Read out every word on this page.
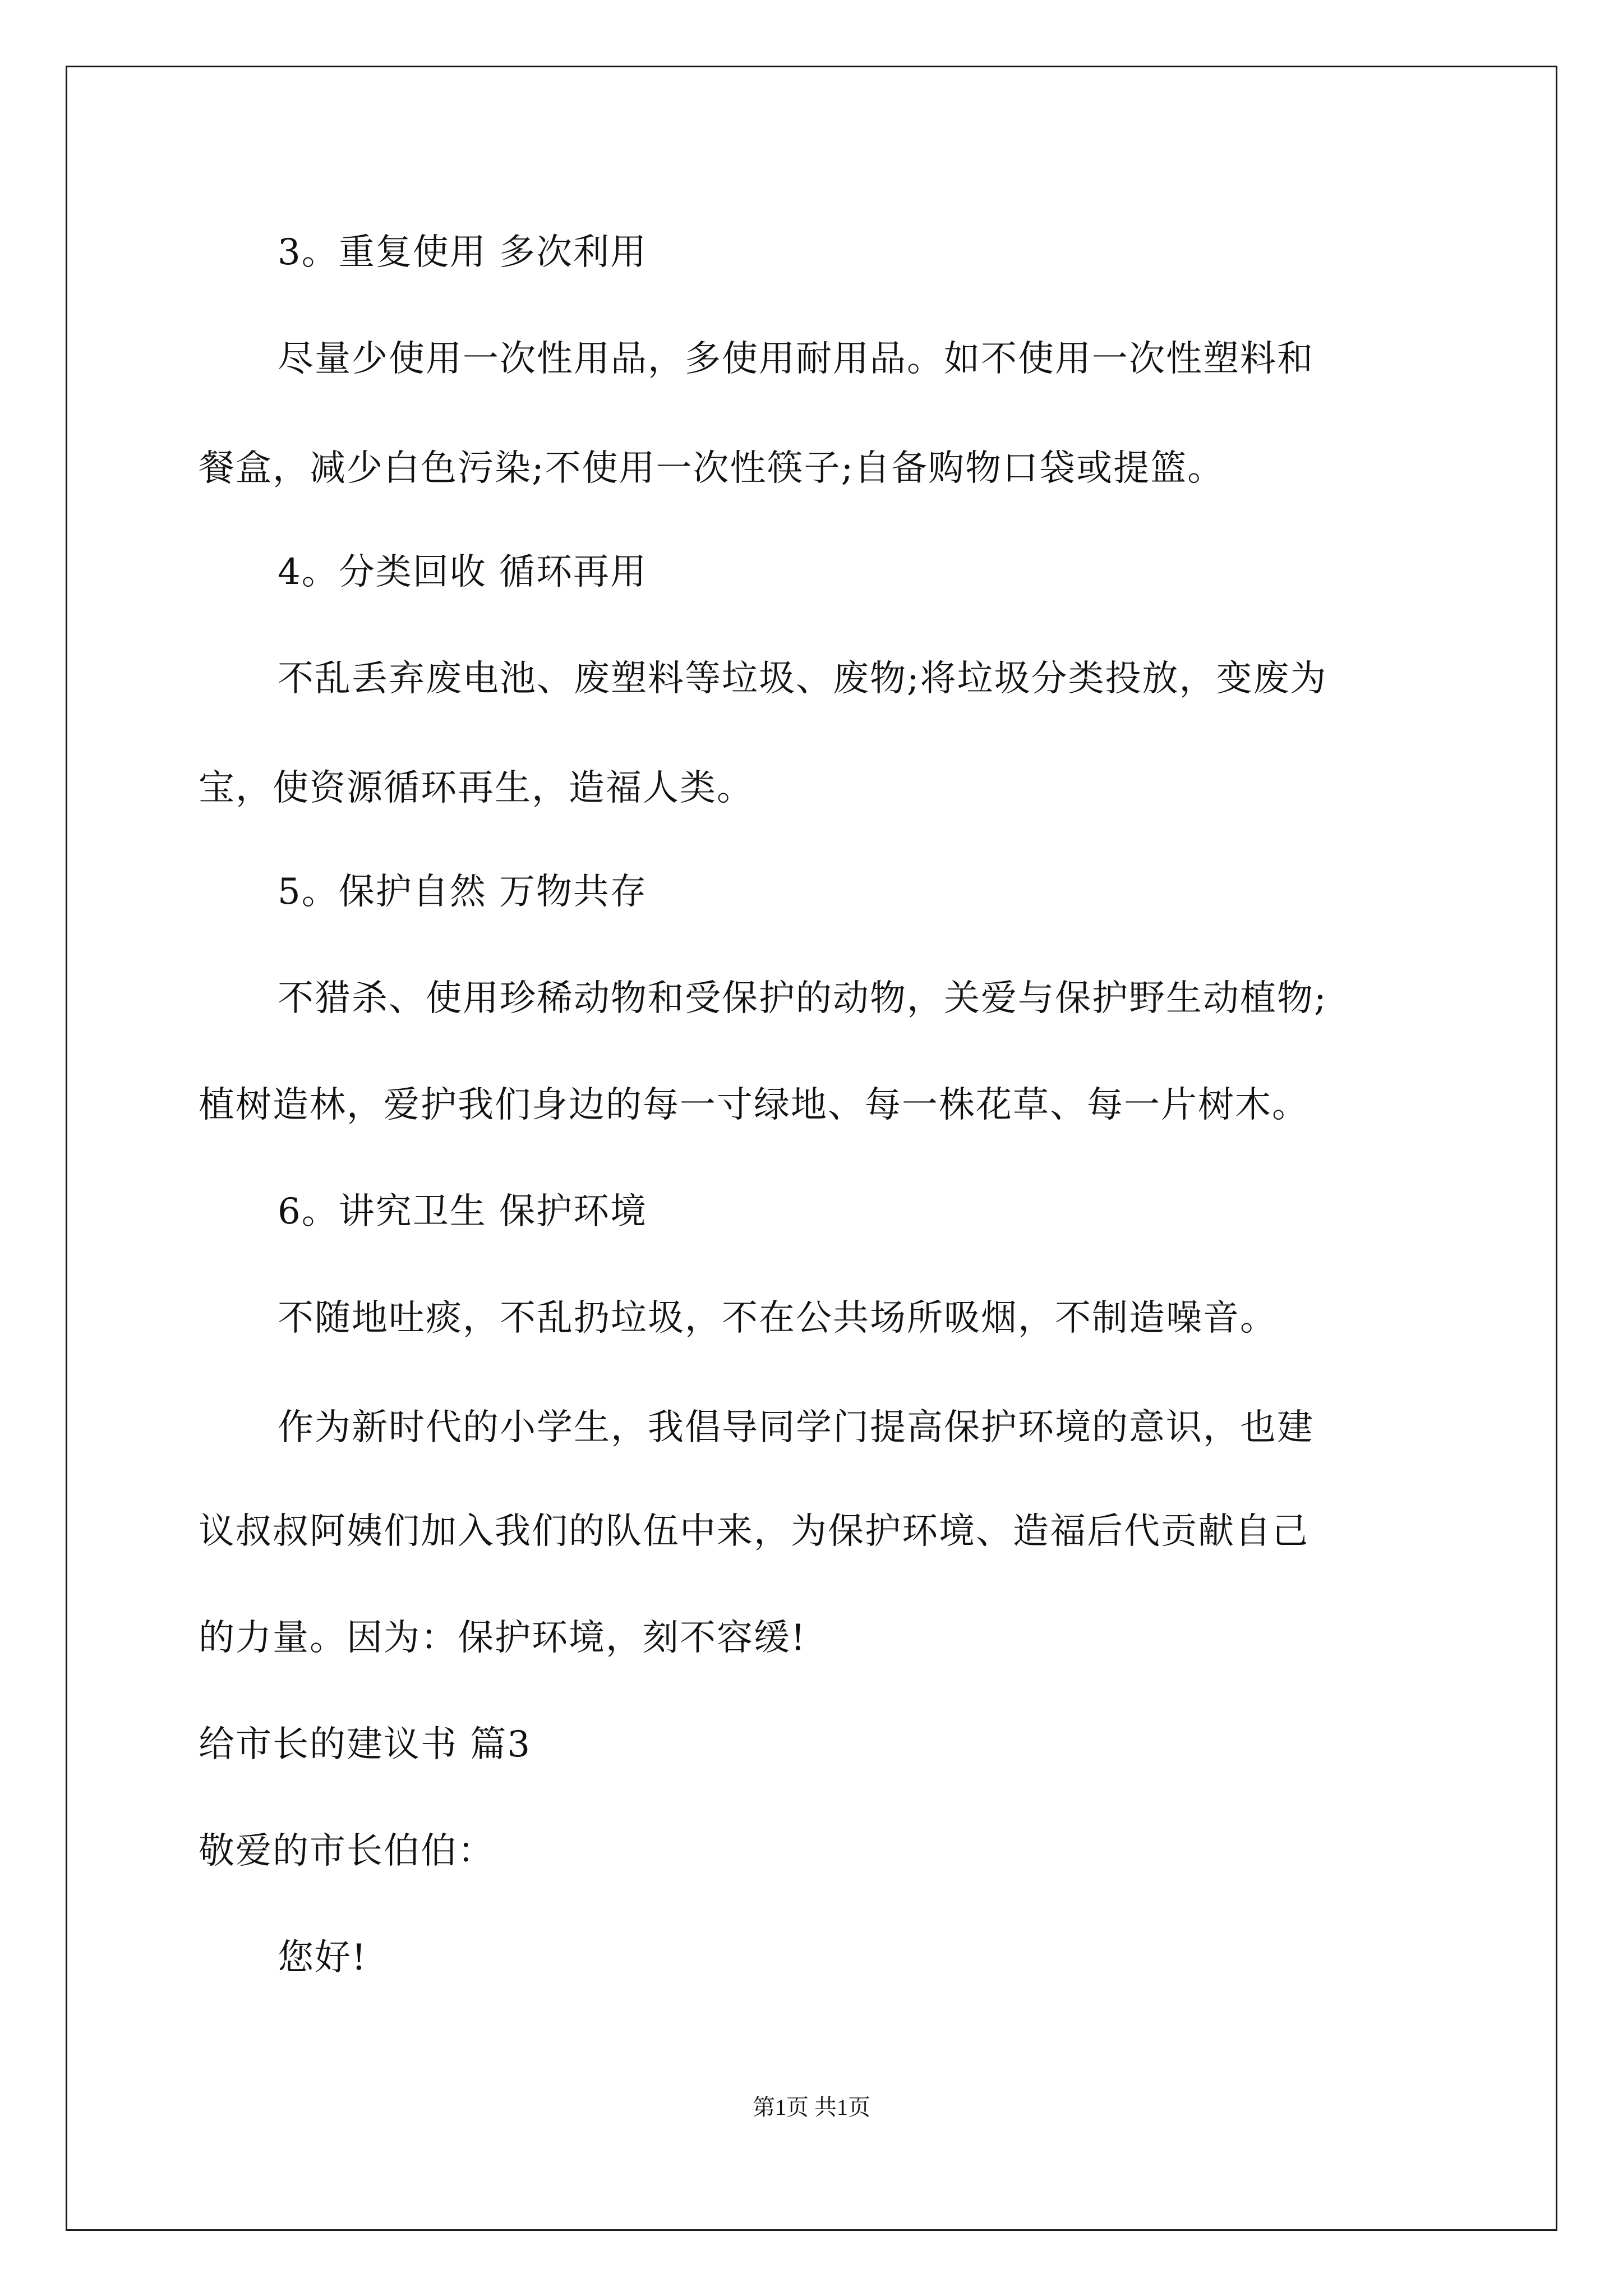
3。重复使用 多次利用
尽量少使用一次性用品，多使用耐用品。如不使用一次性塑料和
餐盒，减少白色污染;不使用一次性筷子;自备购物口袋或提篮。
4。分类回收 循环再用
不乱丢弃废电池、废塑料等垃圾、废物;将垃圾分类投放，变废为
宝，使资源循环再生，造福人类。
5。保护自然 万物共存
不猎杀、使用珍稀动物和受保护的动物，关爱与保护野生动植物;
植树造林，爱护我们身边的每一寸绿地、每一株花草、每一片树木。
6。讲究卫生 保护环境
不随地吐痰，不乱扔垃圾，不在公共场所吸烟，不制造噪音。
作为新时代的小学生，我倡导同学门提高保护环境的意识，也建
议叔叔阿姨们加入我们的队伍中来，为保护环境、造福后代贡献自己
的力量。因为：保护环境，刻不容缓!
给市长的建议书 篇3
敬爱的市长伯伯：
您好!
第1页 共1页
